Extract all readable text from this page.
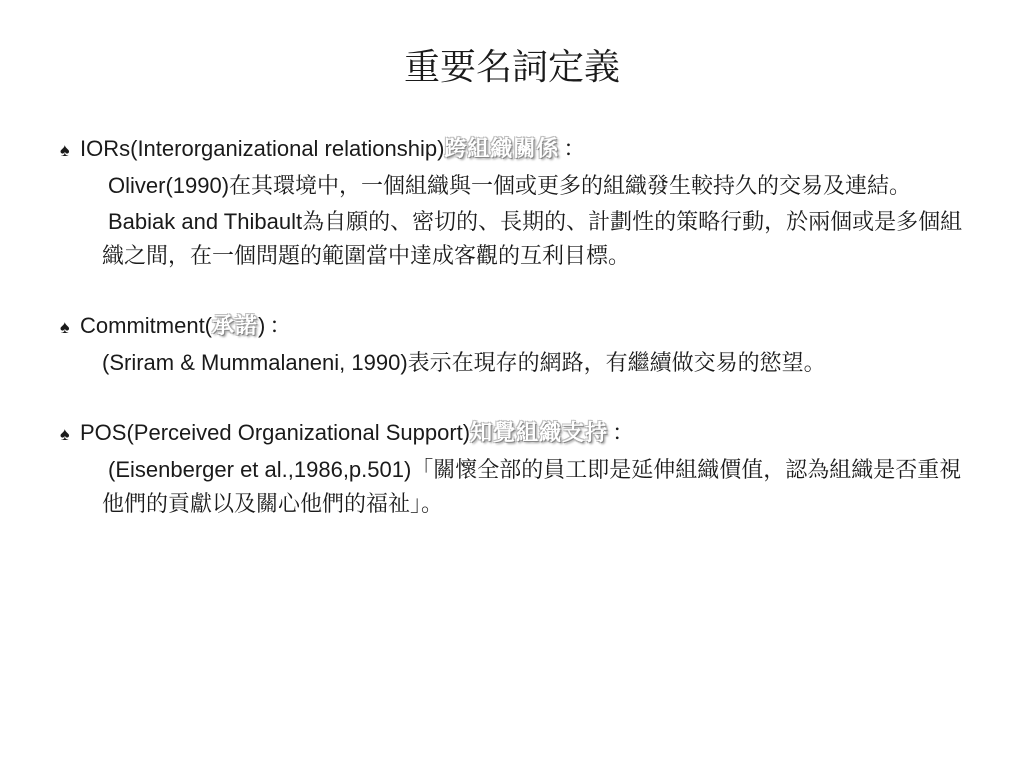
重要名詞定義
♠ IORs(Interorganizational relationship)跨組織關係 ：
Oliver(1990)在其環境中，一個組織與一個或更多的組織發生較持久的交易及連結。
Babiak and Thibault為自願的、密切的、長期的、計劃性的策略行動，於兩個或是多個組織之間，在一個問題的範圍當中達成客觀的互利目標。
♠ Commitment(承諾) ：
(Sriram & Mummalaneni, 1990)表示在現存的網路，有繼續做交易的慾望。
♠ POS(Perceived Organizational Support)知覺組織支持 ：
(Eisenberger et al.,1986,p.501)「關懷全部的員工即是延伸組織價值，認為組織是否重視他們的貢獻以及關心他們的福祉」。
